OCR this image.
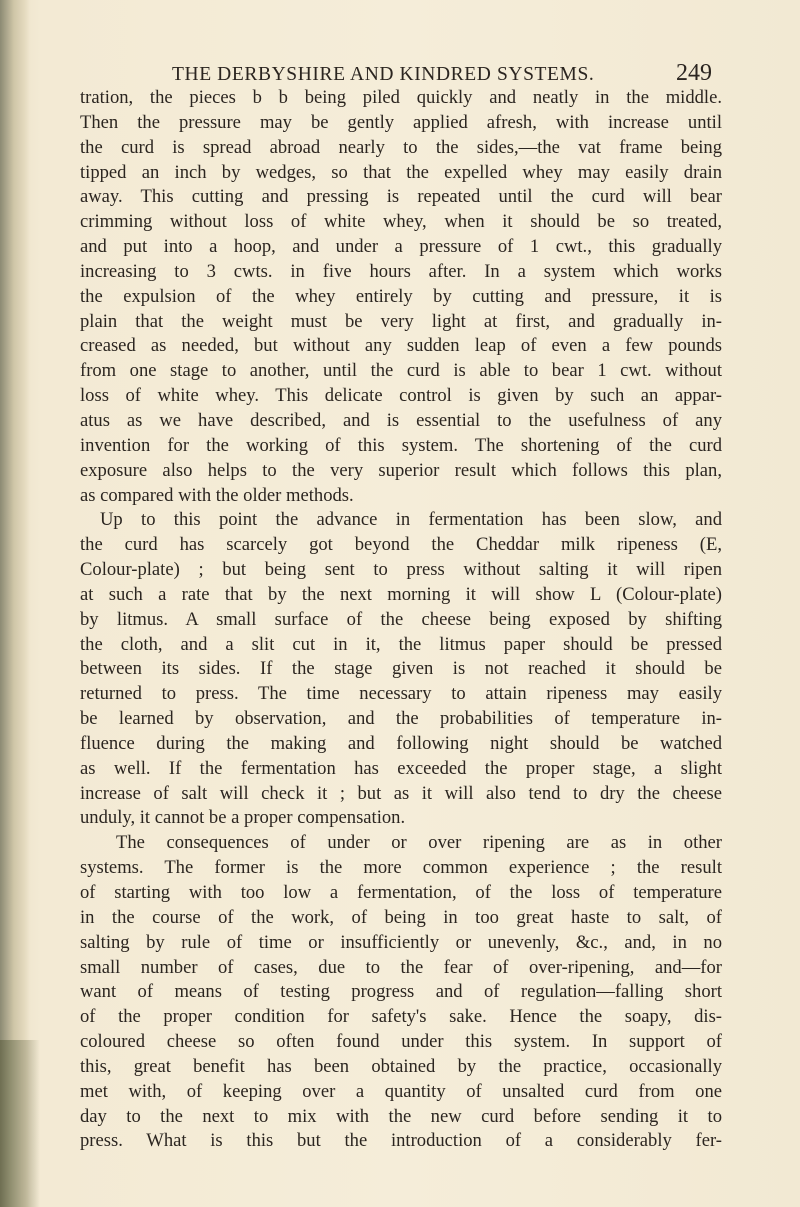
THE DERBYSHIRE AND KINDRED SYSTEMS.	249
tration, the pieces b b being piled quickly and neatly in the middle.
Then the pressure may be gently applied afresh, with increase until
the curd is spread abroad nearly to the sides,—the vat frame being
tipped an inch by wedges, so that the expelled whey may easily drain
away. This cutting and pressing is repeated until the curd will bear
crimming without loss of white whey, when it should be so treated,
and put into a hoop, and under a pressure of 1 cwt., this gradually
increasing to 3 cwts. in five hours after. In a system which works
the expulsion of the whey entirely by cutting and pressure, it is
plain that the weight must be very light at first, and gradually in-
creased as needed, but without any sudden leap of even a few pounds
from one stage to another, until the curd is able to bear 1 cwt. without
loss of white whey. This delicate control is given by such an appar-
atus as we have described, and is essential to the usefulness of any
invention for the working of this system. The shortening of the curd
exposure also helps to the very superior result which follows this plan,
as compared with the older methods.
Up to this point the advance in fermentation has been slow, and
the curd has scarcely got beyond the Cheddar milk ripeness (E,
Colour-plate) ; but being sent to press without salting it will ripen
at such a rate that by the next morning it will show L (Colour-plate)
by litmus. A small surface of the cheese being exposed by shifting
the cloth, and a slit cut in it, the litmus paper should be pressed
between its sides. If the stage given is not reached it should be
returned to press. The time necessary to attain ripeness may easily
be learned by observation, and the probabilities of temperature in-
fluence during the making and following night should be watched
as well. If the fermentation has exceeded the proper stage, a slight
increase of salt will check it ; but as it will also tend to dry the cheese
unduly, it cannot be a proper compensation.
The consequences of under or over ripening are as in other
systems. The former is the more common experience ; the result
of starting with too low a fermentation, of the loss of temperature
in the course of the work, of being in too great haste to salt, of
salting by rule of time or insufficiently or unevenly, &c., and, in no
small number of cases, due to the fear of over-ripening, and—for
want of means of testing progress and of regulation—falling short
of the proper condition for safety's sake. Hence the soapy, dis-
coloured cheese so often found under this system. In support of
this, great benefit has been obtained by the practice, occasionally
met with, of keeping over a quantity of unsalted curd from one
day to the next to mix with the new curd before sending it to
press. What is this but the introduction of a considerably fer-
